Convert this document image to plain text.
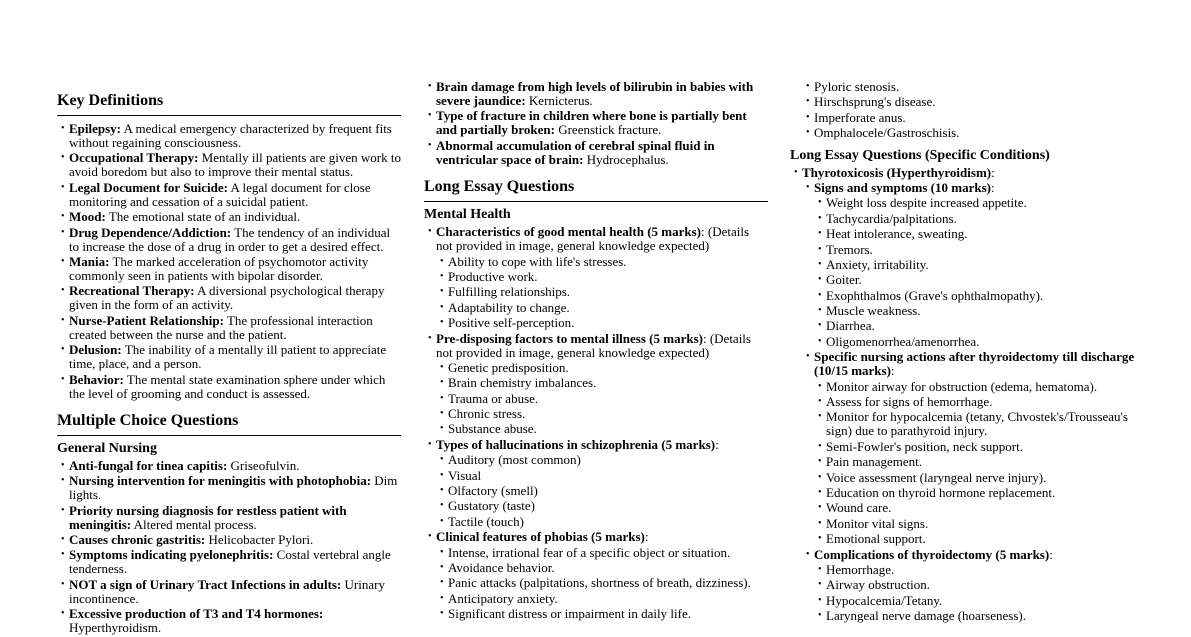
Key Definitions
• Epilepsy: A medical emergency characterized by frequent fits without regaining consciousness.
• Occupational Therapy: Mentally ill patients are given work to avoid boredom but also to improve their mental status.
• Legal Document for Suicide: A legal document for close monitoring and cessation of a suicidal patient.
• Mood: The emotional state of an individual.
• Drug Dependence/Addiction: The tendency of an individual to increase the dose of a drug in order to get a desired effect.
• Mania: The marked acceleration of psychomotor activity commonly seen in patients with bipolar disorder.
• Recreational Therapy: A diversional psychological therapy given in the form of an activity.
• Nurse-Patient Relationship: The professional interaction created between the nurse and the patient.
• Delusion: The inability of a mentally ill patient to appreciate time, place, and a person.
• Behavior: The mental state examination sphere under which the level of grooming and conduct is assessed.
Multiple Choice Questions
General Nursing
• Anti-fungal for tinea capitis: Griseofulvin.
• Nursing intervention for meningitis with photophobia: Dim lights.
• Priority nursing diagnosis for restless patient with meningitis: Altered mental process.
• Causes chronic gastritis: Helicobacter Pylori.
• Symptoms indicating pyelonephritis: Costal vertebral angle tenderness.
• NOT a sign of Urinary Tract Infections in adults: Urinary incontinence.
• Excessive production of T3 and T4 hormones: Hyperthyroidism.
• Brain damage from high levels of bilirubin in babies with severe jaundice: Kernicterus.
• Type of fracture in children where bone is partially bent and partially broken: Greenstick fracture.
• Abnormal accumulation of cerebral spinal fluid in ventricular space of brain: Hydrocephalus.
Long Essay Questions
Mental Health
• Characteristics of good mental health (5 marks): (Details not provided in image, general knowledge expected)
• Ability to cope with life's stresses.
• Productive work.
• Fulfilling relationships.
• Adaptability to change.
• Positive self-perception.
• Pre-disposing factors to mental illness (5 marks): (Details not provided in image, general knowledge expected)
• Genetic predisposition.
• Brain chemistry imbalances.
• Trauma or abuse.
• Chronic stress.
• Substance abuse.
• Types of hallucinations in schizophrenia (5 marks):
• Auditory (most common)
• Visual
• Olfactory (smell)
• Gustatory (taste)
• Tactile (touch)
• Clinical features of phobias (5 marks):
• Intense, irrational fear of a specific object or situation.
• Avoidance behavior.
• Panic attacks (palpitations, shortness of breath, dizziness).
• Anticipatory anxiety.
• Significant distress or impairment in daily life.
• Pyloric stenosis.
• Hirschsprung's disease.
• Imperforate anus.
• Omphalocele/Gastroschisis.
Long Essay Questions (Specific Conditions)
• Thyrotoxicosis (Hyperthyroidism):
• Signs and symptoms (10 marks):
• Weight loss despite increased appetite.
• Tachycardia/palpitations.
• Heat intolerance, sweating.
• Tremors.
• Anxiety, irritability.
• Goiter.
• Exophthalmos (Grave's ophthalmopathy).
• Muscle weakness.
• Diarrhea.
• Oligomenorrhea/amenorrhea.
• Specific nursing actions after thyroidectomy till discharge (10/15 marks):
• Monitor airway for obstruction (edema, hematoma).
• Assess for signs of hemorrhage.
• Monitor for hypocalcemia (tetany, Chvostek's/Trousseau's sign) due to parathyroid injury.
• Semi-Fowler's position, neck support.
• Pain management.
• Voice assessment (laryngeal nerve injury).
• Education on thyroid hormone replacement.
• Wound care.
• Monitor vital signs.
• Emotional support.
• Complications of thyroidectomy (5 marks):
• Hemorrhage.
• Airway obstruction.
• Hypocalcemia/Tetany.
• Laryngeal nerve damage (hoarseness).
